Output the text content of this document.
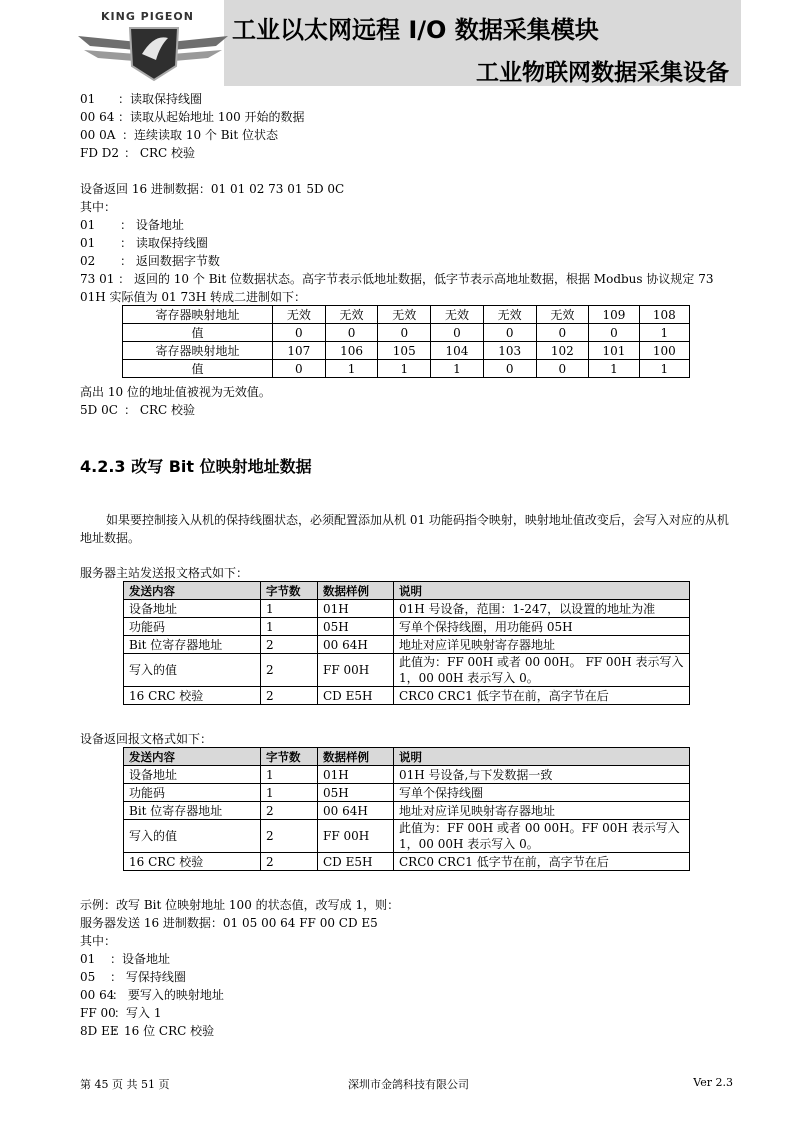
KING PIGEON 工业以太网远程 I/O 数据采集模块
工业物联网数据采集设备
01 ：读取保持线圈
00 64 ：读取从起始地址 100 开始的数据
00 0A ：连续读取 10 个 Bit 位状态
FD D2 ： CRC 校验
设备返回 16 进制数据：01 01 02 73 01 5D 0C
其中：
01 ： 设备地址
01 ： 读取保持线圈
02 ： 返回数据字节数
73 01 ： 返回的 10 个 Bit 位数据状态。高字节表示低地址数据，低字节表示高地址数据，根据 Modbus 协议规定 73 01H 实际值为 01 73H 转成二进制如下：
寄存器映射地址	无效	无效	无效	无效	无效	无效	109	108
值	0	0	0	0	0	0	0	1
寄存器映射地址	107	106	105	104	103	102	101	100
值	0	1	1	1	0	0	1	1
高出 10 位的地址值被视为无效值。
5D 0C ： CRC 校验
4.2.3 改写 Bit 位映射地址数据
如果要控制接入从机的保持线圈状态，必须配置添加从机 01 功能码指令映射，映射地址值改变后，会写入对应的从机地址数据。
服务器主站发送报文格式如下：
发送内容	字节数	数据样例	说明
设备地址	1	01H	01H 号设备，范围：1-247，以设置的地址为准
功能码	1	05H	写单个保持线圈，用功能码 05H
Bit 位寄存器地址	2	00 64H	地址对应详见映射寄存器地址
写入的值	2	FF 00H	此值为：FF 00H 或者 00 00H。 FF 00H 表示写入 1，00 00H 表示写入 0。
16 CRC 校验	2	CD E5H	CRC0 CRC1 低字节在前，高字节在后
设备返回报文格式如下：
发送内容	字节数	数据样例	说明
设备地址	1	01H	01H 号设备,与下发数据一致
功能码	1	05H	写单个保持线圈
Bit 位寄存器地址	2	00 64H	地址对应详见映射寄存器地址
写入的值	2	FF 00H	此值为：FF 00H 或者 00 00H。FF 00H 表示写入 1，00 00H 表示写入 0。
16 CRC 校验	2	CD E5H	CRC0 CRC1 低字节在前，高字节在后
示例：改写 Bit 位映射地址 100 的状态值，改写成 1，则：
服务器发送 16 进制数据：01 05 00 64 FF 00 CD E5
其中：
01 ：设备地址
05 ： 写保持线圈
00 64： 要写入的映射地址
FF 00：写入 1
8D EE：16 位 CRC 校验
第 45 页 共 51 页	深圳市金鸽科技有限公司	Ver 2.3
